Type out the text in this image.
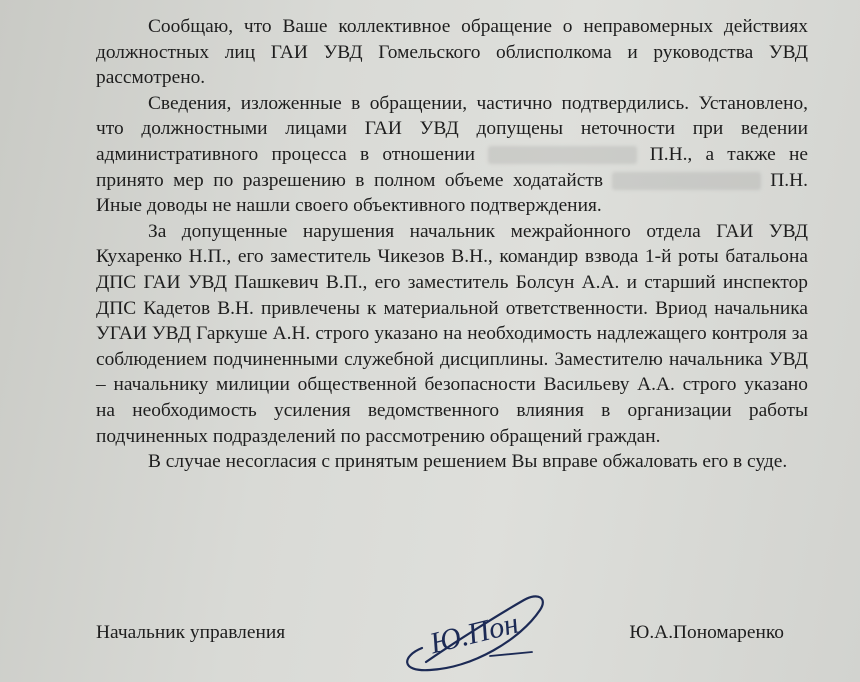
Сообщаю, что Ваше коллективное обращение о неправомерных действиях должностных лиц ГАИ УВД Гомельского облисполкома и руководства УВД рассмотрено.

Сведения, изложенные в обращении, частично подтвердились. Установлено, что должностными лицами ГАИ УВД допущены неточности при ведении административного процесса в отношении	П.Н., а также не принято мер по разрешению в полном объеме ходатайств	П.Н. Иные доводы не нашли своего объективного подтверждения.

За допущенные нарушения начальник межрайонного отдела ГАИ УВД Кухаренко Н.П., его заместитель Чикезов В.Н., командир взвода 1-й роты батальона ДПС ГАИ УВД Пашкевич В.П., его заместитель Болсун А.А. и старший инспектор ДПС Кадетов В.Н. привлечены к материальной ответственности. Вриод начальника УГАИ УВД Гаркуше А.Н. строго указано на необходимость надлежащего контроля за соблюдением подчиненными служебной дисциплины. Заместителю начальника УВД – начальнику милиции общественной безопасности Васильеву А.А. строго указано на необходимость усиления ведомственного влияния в организации работы подчиненных подразделений по рассмотрению обращений граждан.

В случае несогласия с принятым решением Вы вправе обжаловать его в суде.

Начальник управления	Ю.Пон	Ю.А.Пономаренко
